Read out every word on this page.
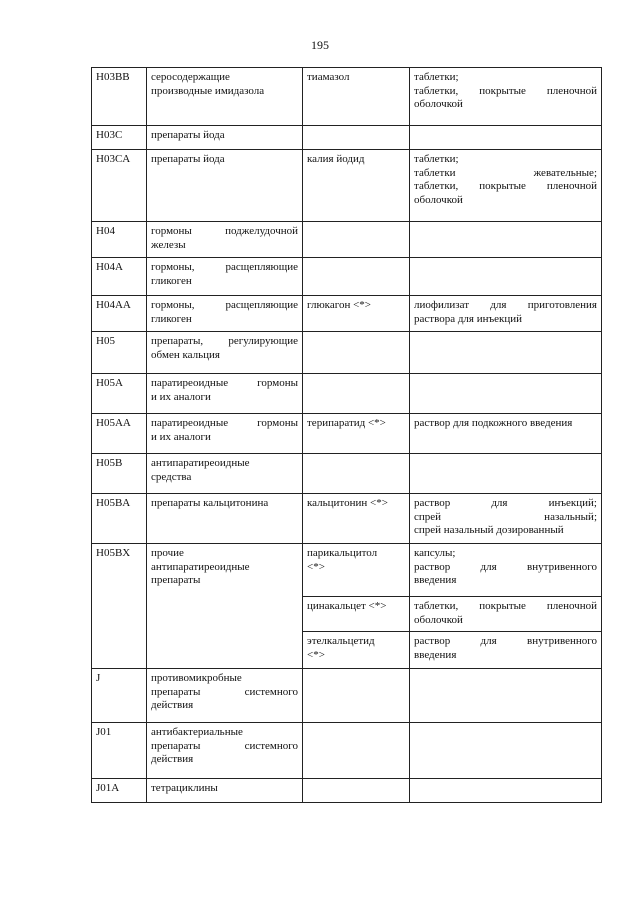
195
H03BB	серосодержащие
производные имидазола	тиамазол	таблетки;
таблетки, покрытые пленочной
оболочкой

H03C	препараты йода		

H03CA	препараты йода	калия йодид	таблетки;
таблетки жевательные;
таблетки, покрытые пленочной
оболочкой

H04	гормоны поджелудочной
железы		

H04A	гормоны, расщепляющие
гликоген		

H04AA	гормоны, расщепляющие
гликоген	глюкагон <*>	лиофилизат для приготовления
раствора для инъекций

H05	препараты, регулирующие
обмен кальция		

H05A	паратиреоидные гормоны
и их аналоги		

H05AA	паратиреоидные гормоны
и их аналоги	терипаратид <*>	раствор для подкожного введения

H05B	антипаратиреоидные
средства		

H05BA	препараты кальцитонина	кальцитонин <*>	раствор для инъекций;
спрей назальный;
спрей назальный дозированный

H05BX	прочие
антипаратиреоидные
препараты	парикальцитол
<*>	капсулы;
раствор для внутривенного
введения

		цинакальцет <*>	таблетки, покрытые пленочной
оболочкой

		этелкальцетид
<*>	раствор для внутривенного
введения

J	противомикробные
препараты системного
действия		

J01	антибактериальные
препараты системного
действия		

J01A	тетрациклины		
